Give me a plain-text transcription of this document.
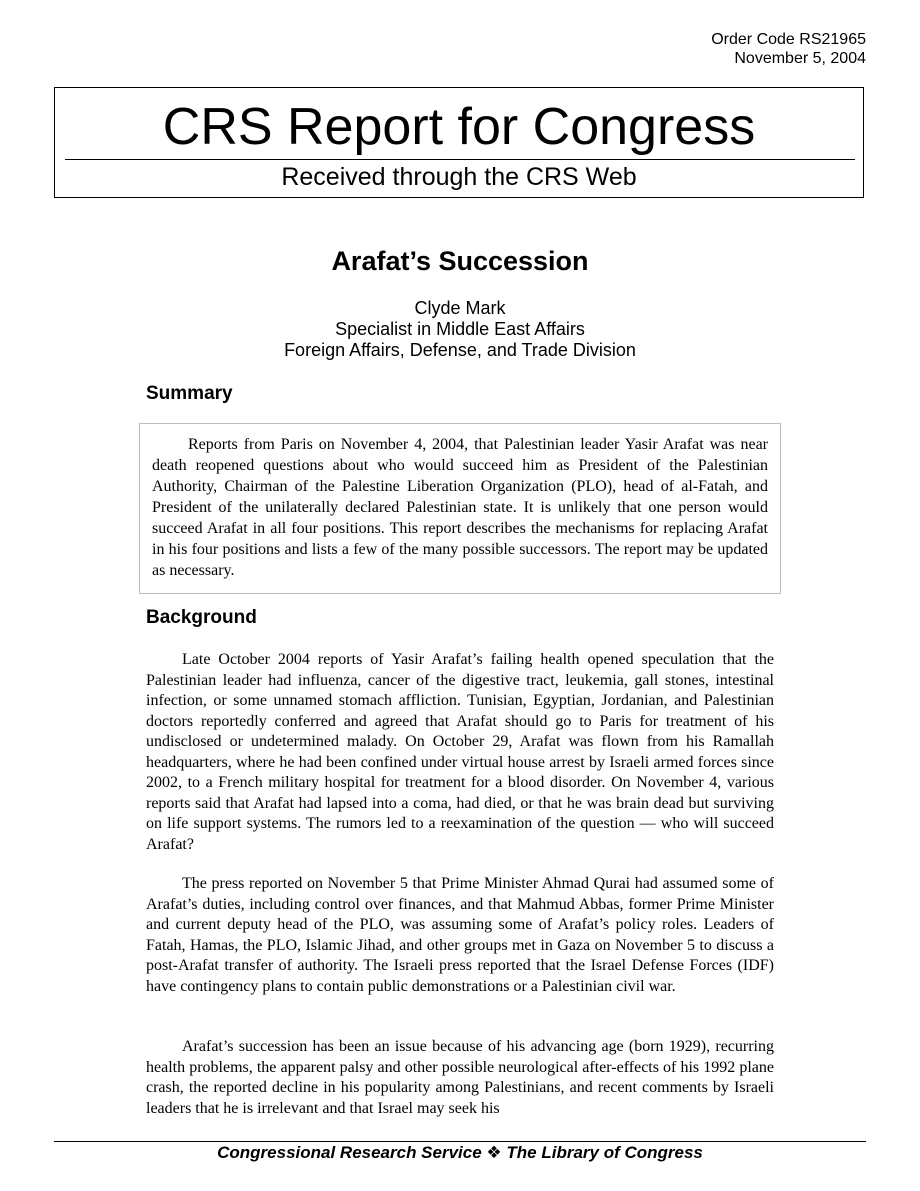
Order Code RS21965
November 5, 2004
CRS Report for Congress
Received through the CRS Web
Arafat’s Succession
Clyde Mark
Specialist in Middle East Affairs
Foreign Affairs, Defense, and Trade Division
Summary

Reports from Paris on November 4, 2004, that Palestinian leader Yasir Arafat was near death reopened questions about who would succeed him as President of the Palestinian Authority, Chairman of the Palestine Liberation Organization (PLO), head of al-Fatah, and President of the unilaterally declared Palestinian state. It is unlikely that one person would succeed Arafat in all four positions. This report describes the mechanisms for replacing Arafat in his four positions and lists a few of the many possible successors. The report may be updated as necessary.

Background

Late October 2004 reports of Yasir Arafat’s failing health opened speculation that the Palestinian leader had influenza, cancer of the digestive tract, leukemia, gall stones, intestinal infection, or some unnamed stomach affliction. Tunisian, Egyptian, Jordanian, and Palestinian doctors reportedly conferred and agreed that Arafat should go to Paris for treatment of his undisclosed or undetermined malady. On October 29, Arafat was flown from his Ramallah headquarters, where he had been confined under virtual house arrest by Israeli armed forces since 2002, to a French military hospital for treatment for a blood disorder. On November 4, various reports said that Arafat had lapsed into a coma, had died, or that he was brain dead but surviving on life support systems. The rumors led to a reexamination of the question — who will succeed Arafat?

The press reported on November 5 that Prime Minister Ahmad Qurai had assumed some of Arafat’s duties, including control over finances, and that Mahmud Abbas, former Prime Minister and current deputy head of the PLO, was assuming some of Arafat’s policy roles. Leaders of Fatah, Hamas, the PLO, Islamic Jihad, and other groups met in Gaza on November 5 to discuss a post-Arafat transfer of authority. The Israeli press reported that the Israel Defense Forces (IDF) have contingency plans to contain public demonstrations or a Palestinian civil war.

Arafat’s succession has been an issue because of his advancing age (born 1929), recurring health problems, the apparent palsy and other possible neurological after-effects of his 1992 plane crash, the reported decline in his popularity among Palestinians, and recent comments by Israeli leaders that he is irrelevant and that Israel may seek his

Congressional Research Service ❖ The Library of Congress
